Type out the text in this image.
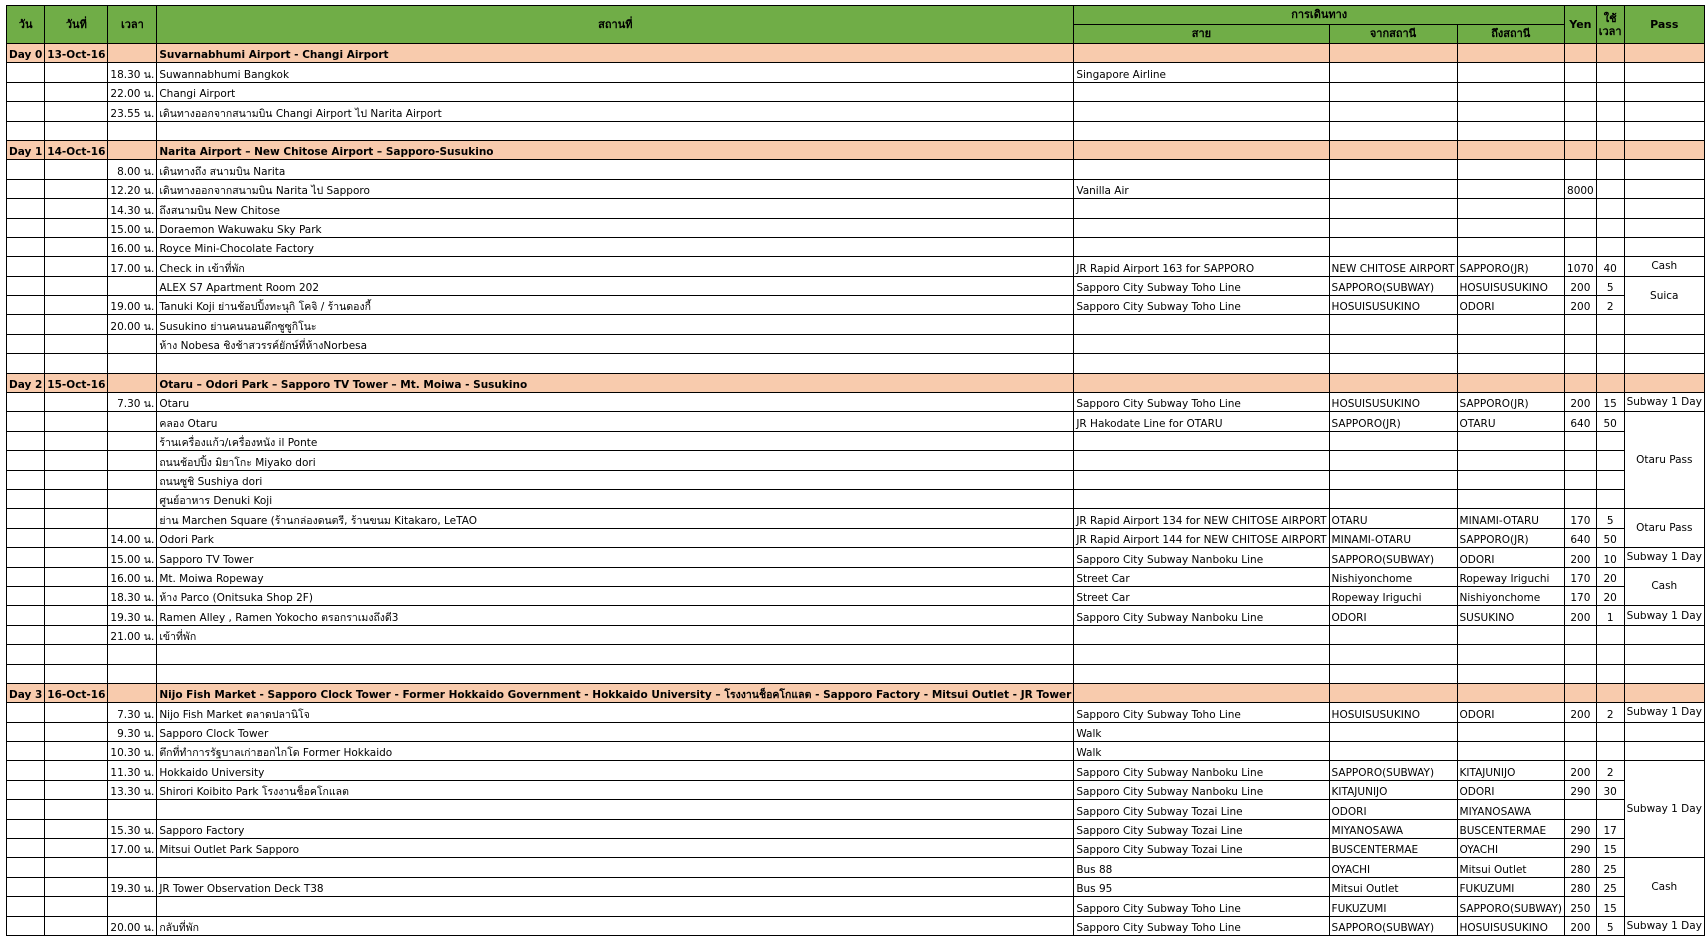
วัน	วันที่	เวลา	สถานที่	การเดินทาง			Yen	ใช้
เวลา	Pass
				สาย	จากสถานี	ถึงสถานี			
Day 0	13-Oct-16		Suvarnabhumi Airport - Changi Airport						
		18.30 น.	Suwannabhumi Bangkok	Singapore Airline					
		22.00 น.	Changi Airport						
		23.55 น.	เดินทางออกจากสนามบิน Changi Airport ไป Narita Airport						

Day 1	14-Oct-16		Narita Airport – New Chitose Airport – Sapporo-Susukino						
		8.00 น.	เดินทางถึง สนามบิน Narita						
		12.20 น.	เดินทางออกจากสนามบิน Narita ไป Sapporo	Vanilla Air			8000		
		14.30 น.	ถึงสนามบิน New Chitose						
		15.00 น.	Doraemon Wakuwaku Sky Park						
		16.00 น.	Royce Mini-Chocolate Factory						
		17.00 น.	Check in เข้าที่พัก	JR Rapid Airport 163 for SAPPORO	NEW CHITOSE AIRPORT	SAPPORO(JR)	1070	40	Cash
			ALEX S7 Apartment Room 202	Sapporo City Subway Toho Line	SAPPORO(SUBWAY)	HOSUISUSUKINO	200	5	Suica
		19.00 น.	Tanuki Koji ย่านช้อปปิ้งทะนุกิ โคจิ / ร้านดองกี้	Sapporo City Subway Toho Line	HOSUISUSUKINO	ODORI	200	2	
		20.00 น.	Susukino ย่านคนนอนดึกซูซูกิโนะ						
			ห้าง Nobesa ชิงช้าสวรรค์ยักษ์ที่ห้างNorbesa						

Day 2	15-Oct-16		Otaru – Odori Park – Sapporo TV Tower – Mt. Moiwa - Susukino						
		7.30 น.	Otaru	Sapporo City Subway Toho Line	HOSUISUSUKINO	SAPPORO(JR)	200	15	Subway 1 Day
			คลอง Otaru	JR Hakodate Line for OTARU	SAPPORO(JR)	OTARU	640	50	Otaru Pass
			ร้านเครื่องแก้ว/เครื่องหนัง il Ponte						
			ถนนช้อปปิ้ง มิยาโกะ Miyako dori						
			ถนนซูชิ Sushiya dori						
			ศูนย์อาหาร Denuki Koji						
			ย่าน Marchen Square (ร้านกล่องดนตรี, ร้านขนม Kitakaro, LeTAO	JR Rapid Airport 134 for NEW CHITOSE AIRPORT	OTARU	MINAMI-OTARU	170	5	Otaru Pass
		14.00 น.	Odori Park	JR Rapid Airport 144 for NEW CHITOSE AIRPORT	MINAMI-OTARU	SAPPORO(JR)	640	50	
		15.00 น.	Sapporo TV Tower	Sapporo City Subway Nanboku Line	SAPPORO(SUBWAY)	ODORI	200	10	Subway 1 Day
		16.00 น.	Mt. Moiwa Ropeway	Street Car	Nishiyonchome	Ropeway Iriguchi	170	20	Cash
		18.30 น.	ห้าง Parco (Onitsuka Shop 2F)	Street Car	Ropeway Iriguchi	Nishiyonchome	170	20	
		19.30 น.	Ramen Alley , Ramen Yokocho ตรอกราเมงถึงดี3	Sapporo City Subway Nanboku Line	ODORI	SUSUKINO	200	1	Subway 1 Day
		21.00 น.	เข้าที่พัก						

Day 3	16-Oct-16		Nijo Fish Market - Sapporo Clock Tower - Former Hokkaido Government - Hokkaido University – โรงงานช็อคโกแลต - Sapporo Factory - Mitsui Outlet - JR Tower						
		7.30 น.	Nijo Fish Market ตลาดปลานิโจ	Sapporo City Subway Toho Line	HOSUISUSUKINO	ODORI	200	2	Subway 1 Day
		9.30 น.	Sapporo Clock Tower	Walk					
		10.30 น.	ตึกที่ทำการรัฐบาลเก่าฮอกไกโด Former Hokkaido	Walk					
		11.30 น.	Hokkaido University	Sapporo City Subway Nanboku Line	SAPPORO(SUBWAY)	KITAJUNIJO	200	2	Subway 1 Day
		13.30 น.	Shirori Koibito Park โรงงานช็อคโกแลต	Sapporo City Subway Nanboku Line	KITAJUNIJO	ODORI	290	30	
				Sapporo City Subway Tozai Line	ODORI	MIYANOSAWA			
		15.30 น.	Sapporo Factory	Sapporo City Subway Tozai Line	MIYANOSAWA	BUSCENTERMAE	290	17	
		17.00 น.	Mitsui Outlet Park Sapporo	Sapporo City Subway Tozai Line	BUSCENTERMAE	OYACHI	290	15	
				Bus 88	OYACHI	Mitsui Outlet	280	25	Cash
		19.30 น.	JR Tower Observation Deck T38	Bus 95	Mitsui Outlet	FUKUZUMI	280	25	
				Sapporo City Subway Toho Line	FUKUZUMI	SAPPORO(SUBWAY)	250	15	
		20.00 น.	กลับที่พัก	Sapporo City Subway Toho Line	SAPPORO(SUBWAY)	HOSUISUSUKINO	200	5	Subway 1 Day
